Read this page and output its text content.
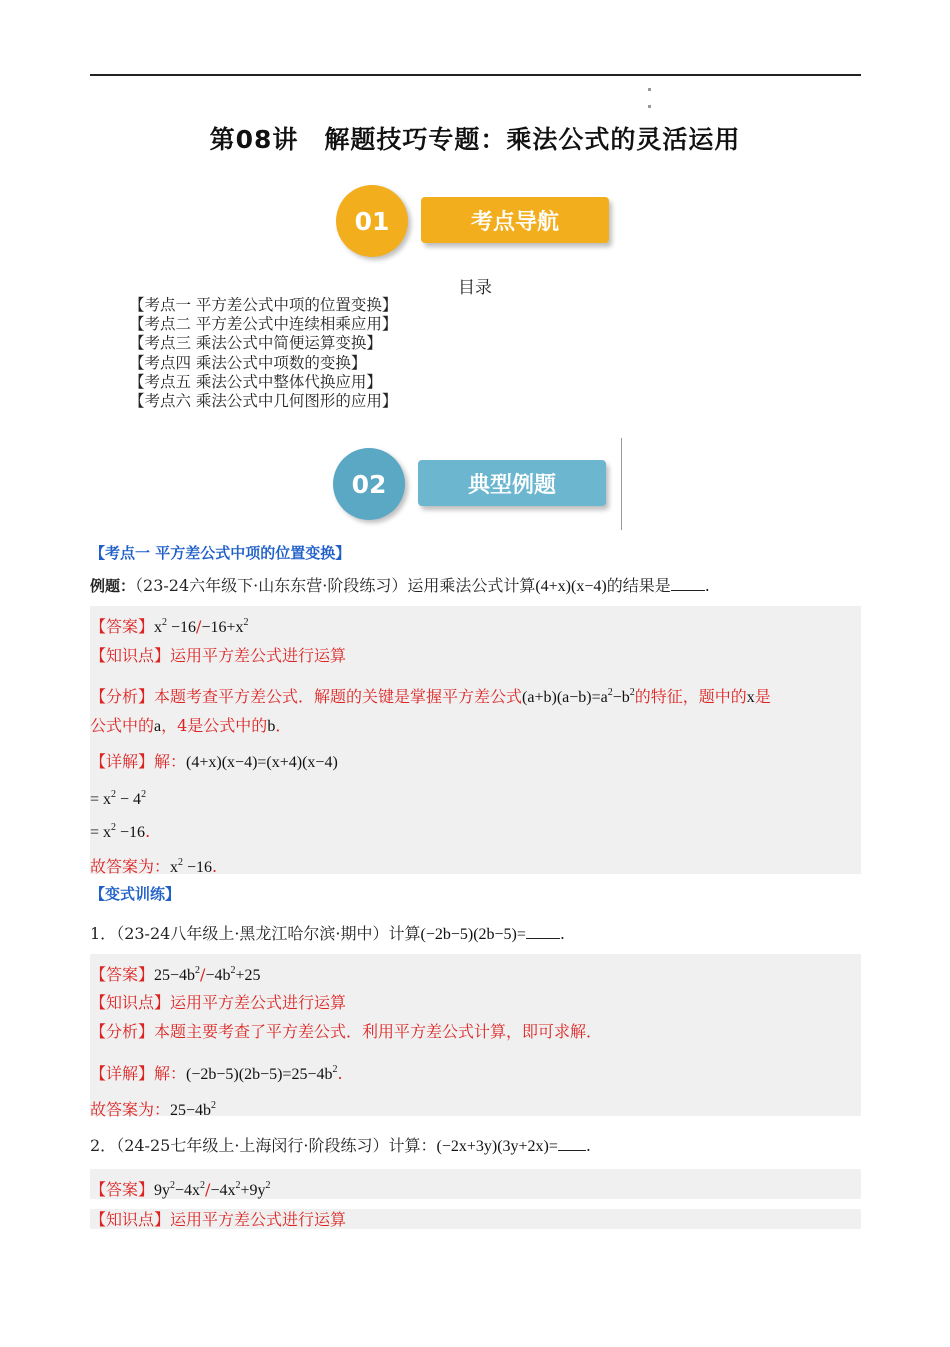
第08讲　解题技巧专题：乘法公式的灵活运用
01	考点导航
目录
【考点一 平方差公式中项的位置变换】
【考点二 平方差公式中连续相乘应用】
【考点三 乘法公式中简便运算变换】
【考点四 乘法公式中项数的变换】
【考点五 乘法公式中整体代换应用】
【考点六 乘法公式中几何图形的应用】
02	典型例题
【考点一 平方差公式中项的位置变换】
例题：（23-24六年级下·山东东营·阶段练习）运用乘法公式计算(4+x)(x−4)的结果是 .
【答案】$x^2 -16/-16+x^2$
【知识点】运用平方差公式进行运算
【分析】本题考查平方差公式．解题的关键是掌握平方差公式$(a+b)(a-b)=a^2-b^2$的特征，题中的x是
公式中的a，4是公式中的b．
【详解】解：(4+x)(x−4)=(x+4)(x−4)
= $x^2 - 4^2$
= $x^2 -16$.
故答案为：$x^2 -16$.
【变式训练】
1．（23-24八年级上·黑龙江哈尔滨·期中）计算(−2b−5)(2b−5)= .
【答案】$25-4b^2/-4b^2+25$
【知识点】运用平方差公式进行运算
【分析】本题主要考查了平方差公式．利用平方差公式计算，即可求解．
【详解】解：$(-2b-5)(2b-5)=25-4b^2$.
故答案为：$25-4b^2$
2．（24-25七年级上·上海闵行·阶段练习）计算：(−2x+3y)(3y+2x)= .
【答案】$9y^2-4x^2/-4x^2+9y^2$
【知识点】运用平方差公式进行运算
